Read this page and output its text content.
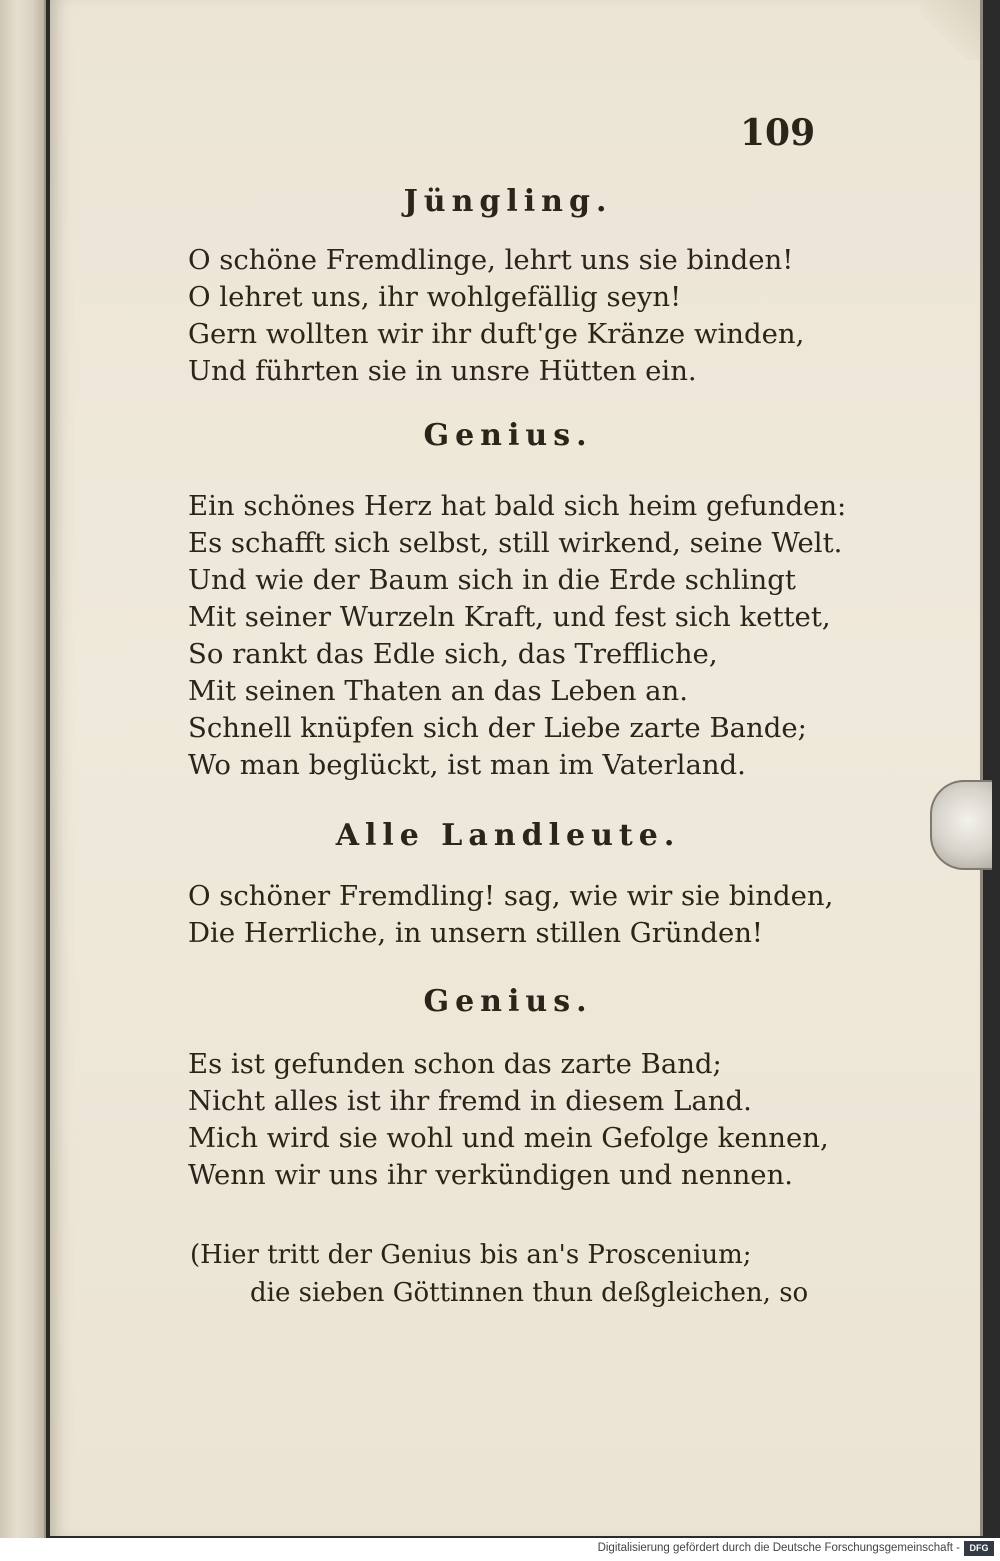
109

Jüngling.

O schöne Fremdlinge, lehrt uns sie binden!

O lehret uns, ihr wohlgefällig seyn!

Gern wollten wir ihr duft'ge Kränze winden,

Und führten sie in unsre Hütten ein.

Genius.

Ein schönes Herz hat bald sich heim gefunden:

Es schafft sich selbst, still wirkend, seine Welt.

Und wie der Baum sich in die Erde schlingt

Mit seiner Wurzeln Kraft, und fest sich kettet,

So rankt das Edle sich, das Treffliche,

Mit seinen Thaten an das Leben an.

Schnell knüpfen sich der Liebe zarte Bande;

Wo man beglückt, ist man im Vaterland.

Alle Landleute.

O schöner Fremdling! sag, wie wir sie binden,

Die Herrliche, in unsern stillen Gründen!

Genius.

Es ist gefunden schon das zarte Band;

Nicht alles ist ihr fremd in diesem Land.

Mich wird sie wohl und mein Gefolge kennen,

Wenn wir uns ihr verkündigen und nennen.

(Hier tritt der Genius bis an's Proscenium;

die sieben Göttinnen thun deßgleichen, so

Digitalisierung gefördert durch die Deutsche Forschungsgemeinschaft -	DFG
